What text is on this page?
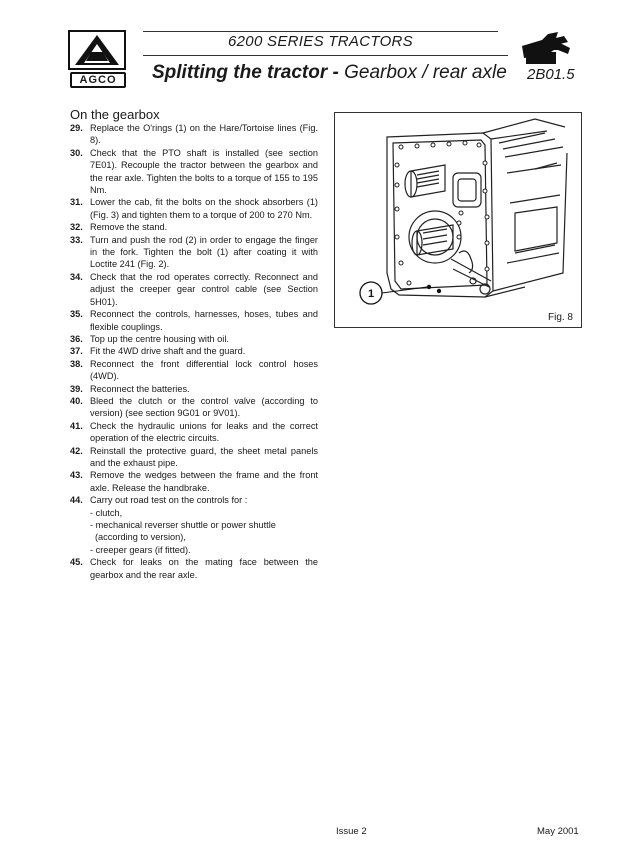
AGCO
6200 SERIES TRACTORS
Splitting the tractor - Gearbox / rear axle 2B01.5
On the gearbox
29. Replace the O'rings (1) on the Hare/Tortoise lines (Fig. 8).
30. Check that the PTO shaft is installed (see section 7E01). Recouple the tractor between the gearbox and the rear axle. Tighten the bolts to a torque of 155 to 195 Nm.
31. Lower the cab, fit the bolts on the shock absorbers (1) (Fig. 3) and tighten them to a torque of 200 to 270 Nm.
32. Remove the stand.
33. Turn and push the rod (2) in order to engage the finger in the fork. Tighten the bolt (1) after coating it with Loctite 241 (Fig. 2).
34. Check that the rod operates correctly. Reconnect and adjust the creeper gear control cable (see Section 5H01).
35. Reconnect the controls, harnesses, hoses, tubes and flexible couplings.
36. Top up the centre housing with oil.
37. Fit the 4WD drive shaft and the guard.
38. Reconnect the front differential lock control hoses (4WD).
39. Reconnect the batteries.
40. Bleed the clutch or the control valve (according to version) (see section 9G01 or 9V01).
41. Check the hydraulic unions for leaks and the correct operation of the electric circuits.
42. Reinstall the protective guard, the sheet metal panels and the exhaust pipe.
43. Remove the wedges between the frame and the front axle. Release the handbrake.
44. Carry out road test on the controls for :
- clutch,
- mechanical reverser shuttle or power shuttle
(according to version),
- creeper gears (if fitted).
45. Check for leaks on the mating face between the gearbox and the rear axle.
1
Fig. 8
Issue 2	May 2001
